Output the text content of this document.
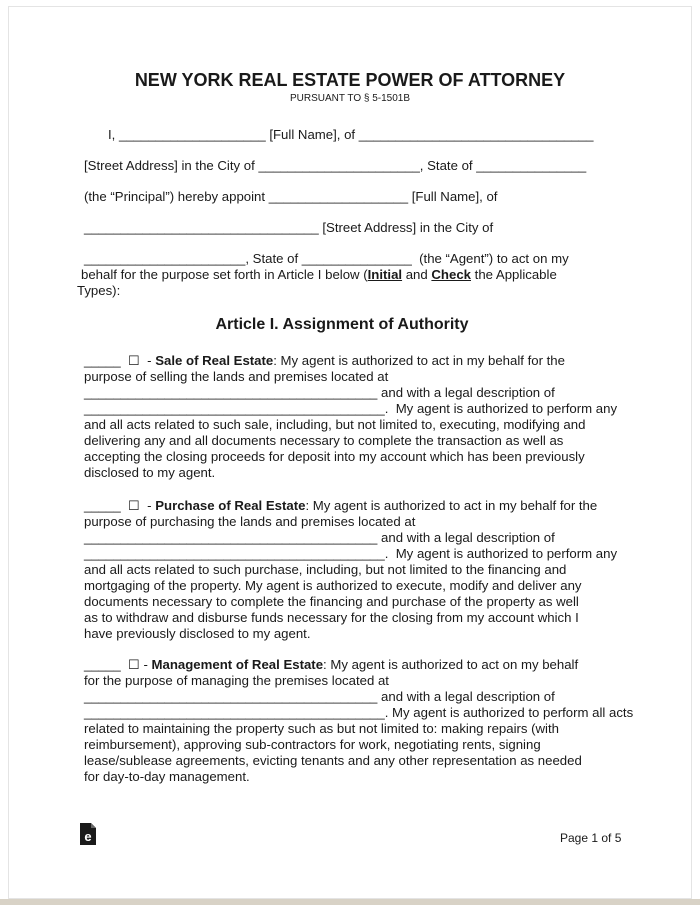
NEW YORK REAL ESTATE POWER OF ATTORNEY
PURSUANT TO § 5-1501B
I, ____________________ [Full Name], of ________________________________
[Street Address] in the City of ______________________, State of _______________
(the “Principal”) hereby appoint ___________________ [Full Name], of
________________________________ [Street Address] in the City of
______________________, State of _______________  (the “Agent”) to act on my
behalf for the purpose set forth in Article I below (Initial and Check the Applicable
Types):
Article I. Assignment of Authority
_____  ☐  - Sale of Real Estate: My agent is authorized to act in my behalf for the
purpose of selling the lands and premises located at
________________________________________ and with a legal description of
_________________________________________.  My agent is authorized to perform any
and all acts related to such sale, including, but not limited to, executing, modifying and
delivering any and all documents necessary to complete the transaction as well as
accepting the closing proceeds for deposit into my account which has been previously
disclosed to my agent.
_____  ☐  - Purchase of Real Estate: My agent is authorized to act in my behalf for the
purpose of purchasing the lands and premises located at
________________________________________ and with a legal description of
_________________________________________.  My agent is authorized to perform any
and all acts related to such purchase, including, but not limited to the financing and
mortgaging of the property. My agent is authorized to execute, modify and deliver any
documents necessary to complete the financing and purchase of the property as well
as to withdraw and disburse funds necessary for the closing from my account which I
have previously disclosed to my agent.
_____  ☐ - Management of Real Estate: My agent is authorized to act on my behalf
for the purpose of managing the premises located at
________________________________________ and with a legal description of
_________________________________________. My agent is authorized to perform all acts
related to maintaining the property such as but not limited to: making repairs (with
reimbursement), approving sub-contractors for work, negotiating rents, signing
lease/sublease agreements, evicting tenants and any other representation as needed
for day-to-day management.
e	Page 1 of 5
